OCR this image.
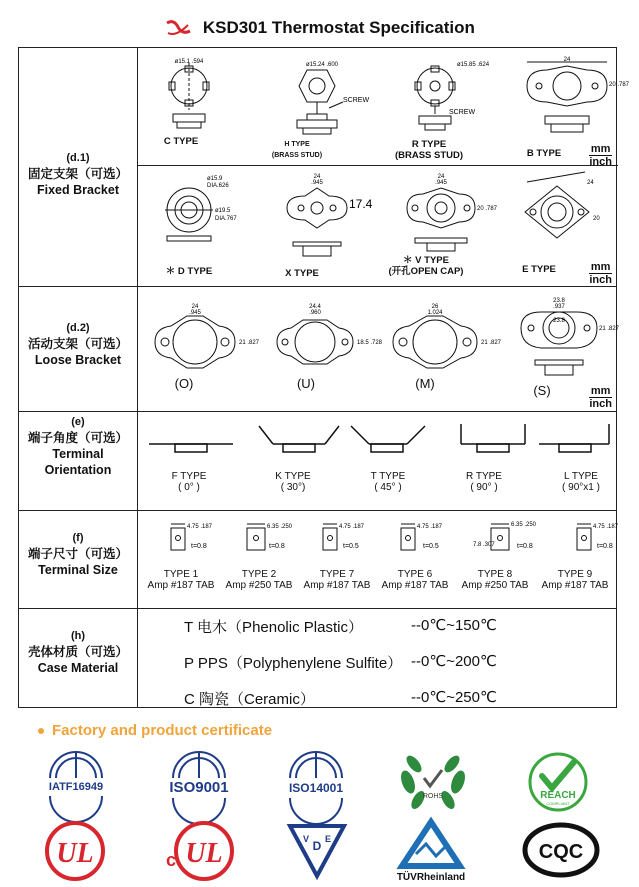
KSD301 Thermostat Specification
(d.1)
固定支架（可选）
Fixed Bracket
ø15.1 .594	ø15.24 .600
SCREW
ø15.85 .624
SCREW
24
20 .787
C TYPE	H TYPE
(BRASS STUD)
R TYPE
(BRASS STUD)	B TYPE	mm
inch
ø15.9
DIA.626
ø19.5
DIA.767
24
.945
17.4
24
.945
20 .787
24
20
＊ D TYPE	X TYPE
＊ V TYPE
(开孔OPEN CAP)	E TYPE	mm
inch
(d.2)
活动支架（可选）
Loose Bracket
24
.945
21 .827
24.4
.960
18.5 .728
26
1.024
21 .827
23.8
.937
23.8
21 .827
(O)	(U)	(M)	(S)	mm
inch
(e)
端子角度（可选）
Terminal
Orientation	F TYPE
( 0° )
K TYPE
( 30°)
T TYPE
( 45° )
R TYPE
( 90° )
L TYPE
( 90°x1 )
(f)
端子尺寸（可选）
Terminal Size
4.75 .187
t=0.8
6.35 .250
t=0.8
4.75 .187
t=0.5
4.75 .187
t=0.5
6.35 .250
7.8 .307	t=0.8
4.75 .187
t=0.8
TYPE 1
Amp #187 TAB
TYPE 2
Amp #250 TAB
TYPE 7
Amp #187 TAB
TYPE 6
Amp #187 TAB
TYPE 8
Amp #250 TAB
TYPE 9
Amp #187 TAB
(h)
壳体材质（可选）
Case Material
T 电木（Phenolic Plastic）	--0℃~150℃
P PPS（Polyphenylene Sulfite） --0℃~200℃
C 陶瓷（Ceramic）	--0℃~250℃
Factory and product certificate
IATF16949	ISO9001	ISO14001
ROHS	REACH
COMPLIANT
UL	c UL	D
V E
TÜVRheinland
CQC
